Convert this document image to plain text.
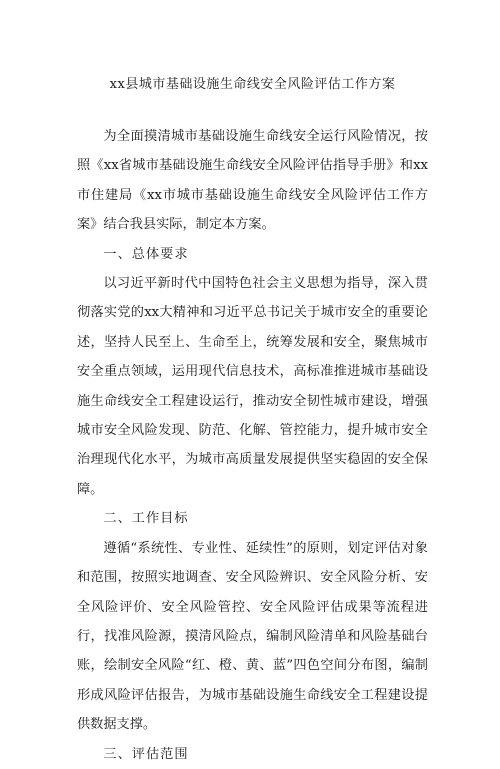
xx县城市基础设施生命线安全风险评估工作方案

为全面摸清城市基础设施生命线安全运行风险情况，按照《xx省城市基础设施生命线安全风险评估指导手册》和xx市住建局《xx市城市基础设施生命线安全风险评估工作方案》结合我县实际，制定本方案。

一、总体要求

以习近平新时代中国特色社会主义思想为指导，深入贯彻落实党的xx大精神和习近平总书记关于城市安全的重要论述，坚持人民至上、生命至上，统筹发展和安全，聚焦城市安全重点领域，运用现代信息技术，高标准推进城市基础设施生命线安全工程建设运行，推动安全韧性城市建设，增强城市安全风险发现、防范、化解、管控能力，提升城市安全治理现代化水平，为城市高质量发展提供坚实稳固的安全保障。

二、工作目标

遵循“系统性、专业性、延续性”的原则，划定评估对象和范围，按照实地调查、安全风险辨识、安全风险分析、安全风险评价、安全风险管控、安全风险评估成果等流程进行，找准风险源，摸清风险点，编制风险清单和风险基础台账，绘制安全风险“红、橙、黄、蓝”四色空间分布图，编制形成风险评估报告，为城市基础设施生命线安全工程建设提供数据支撑。

三、评估范围
